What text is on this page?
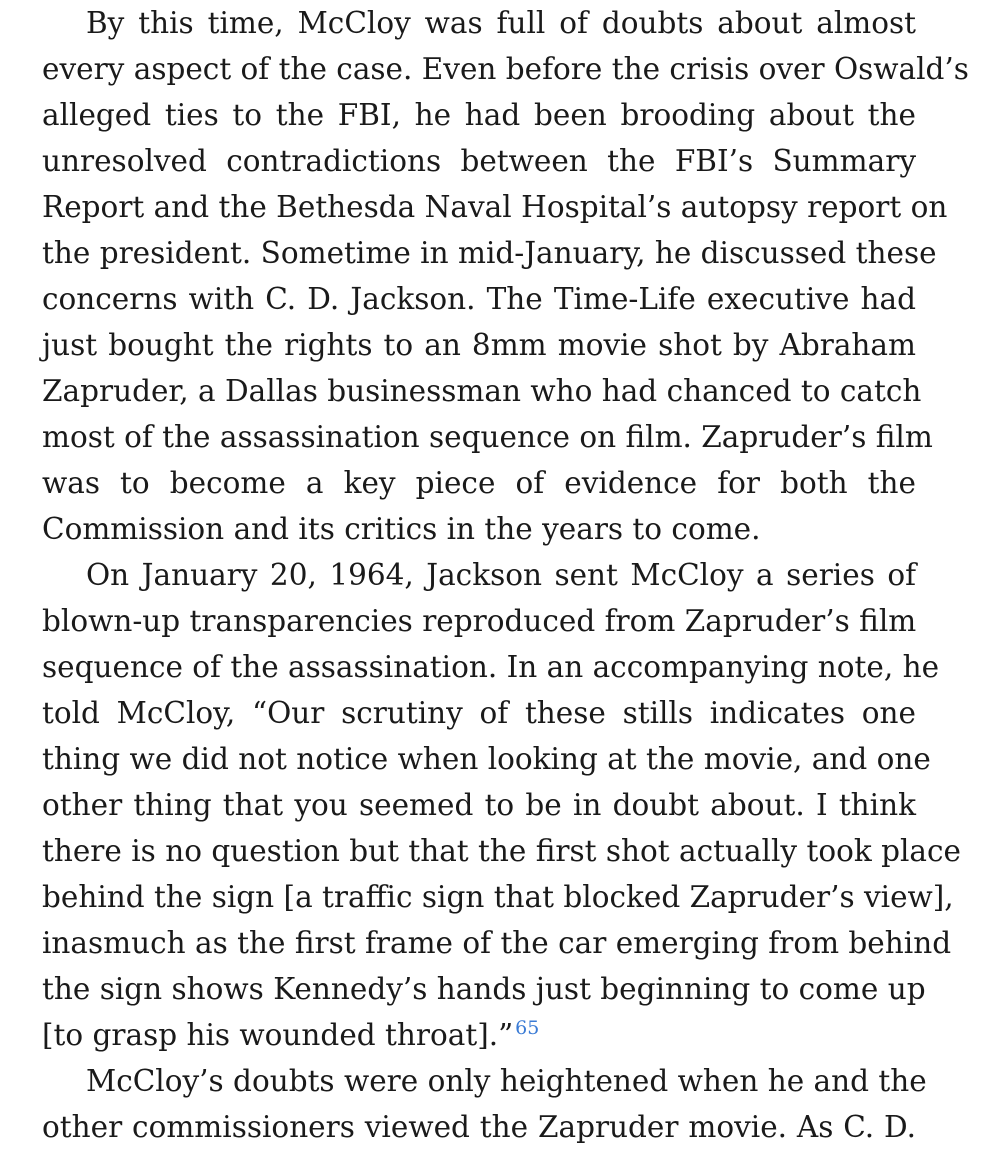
By this time, McCloy was full of doubts about almost
every aspect of the case. Even before the crisis over Oswald’s
alleged ties to the FBI, he had been brooding about the
unresolved contradictions between the FBI’s Summary
Report and the Bethesda Naval Hospital’s autopsy report on
the president. Sometime in mid-January, he discussed these
concerns with C. D. Jackson. The Time-Life executive had
just bought the rights to an 8mm movie shot by Abraham
Zapruder, a Dallas businessman who had chanced to catch
most of the assassination sequence on film. Zapruder’s film
was to become a key piece of evidence for both the
Commission and its critics in the years to come.
On January 20, 1964, Jackson sent McCloy a series of
blown-up transparencies reproduced from Zapruder’s film
sequence of the assassination. In an accompanying note, he
told McCloy, “Our scrutiny of these stills indicates one
thing we did not notice when looking at the movie, and one
other thing that you seemed to be in doubt about. I think
there is no question but that the first shot actually took place
behind the sign [a traffic sign that blocked Zapruder’s view],
inasmuch as the first frame of the car emerging from behind
the sign shows Kennedy’s hands just beginning to come up
[to grasp his wounded throat].” $^{65}$
McCloy’s doubts were only heightened when he and the
other commissioners viewed the Zapruder movie. As C. D.
